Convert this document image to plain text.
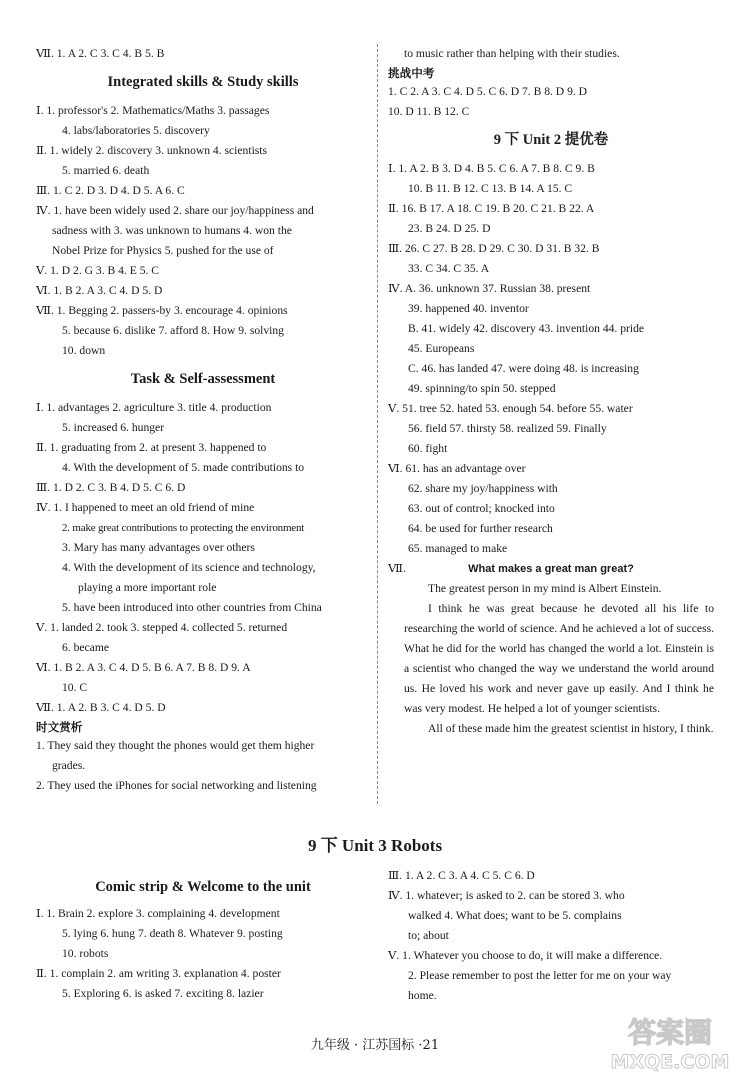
Ⅶ. 1. A 2. C 3. C 4. B 5. B
Integrated skills & Study skills
Ⅰ. 1. professor's 2. Mathematics/Maths 3. passages
4. labs/laboratories 5. discovery
Ⅱ. 1. widely 2. discovery 3. unknown 4. scientists
5. married 6. death
Ⅲ. 1. C 2. D 3. D 4. D 5. A 6. C
Ⅳ. 1. have been widely used 2. share our joy/happiness and
sadness with 3. was unknown to humans 4. won the
Nobel Prize for Physics 5. pushed for the use of
Ⅴ. 1. D 2. G 3. B 4. E 5. C
Ⅵ. 1. B 2. A 3. C 4. D 5. D
Ⅶ. 1. Begging 2. passers-by 3. encourage 4. opinions
5. because 6. dislike 7. afford 8. How 9. solving
10. down
Task & Self-assessment
Ⅰ. 1. advantages 2. agriculture 3. title 4. production
5. increased 6. hunger
Ⅱ. 1. graduating from 2. at present 3. happened to
4. With the development of 5. made contributions to
Ⅲ. 1. D 2. C 3. B 4. D 5. C 6. D
Ⅳ. 1. I happened to meet an old friend of mine
2. make great contributions to protecting the environment
3. Mary has many advantages over others
4. With the development of its science and technology,
playing a more important role
5. have been introduced into other countries from China
Ⅴ. 1. landed 2. took 3. stepped 4. collected 5. returned
6. became
Ⅵ. 1. B 2. A 3. C 4. D 5. B 6. A 7. B 8. D 9. A
10. C
Ⅶ. 1. A 2. B 3. C 4. D 5. D
时文赏析
1. They said they thought the phones would get them higher
grades.
2. They used the iPhones for social networking and listening
to music rather than helping with their studies.
挑战中考
1. C 2. A 3. C 4. D 5. C 6. D 7. B 8. D 9. D
10. D 11. B 12. C
9 下 Unit 2 提优卷
Ⅰ. 1. A 2. B 3. D 4. B 5. C 6. A 7. B 8. C 9. B
10. B 11. B 12. C 13. B 14. A 15. C
Ⅱ. 16. B 17. A 18. C 19. B 20. C 21. B 22. A
23. B 24. D 25. D
Ⅲ. 26. C 27. B 28. D 29. C 30. D 31. B 32. B
33. C 34. C 35. A
Ⅳ. A. 36. unknown 37. Russian 38. present
39. happened 40. inventor
B. 41. widely 42. discovery 43. invention 44. pride
45. Europeans
C. 46. has landed 47. were doing 48. is increasing
49. spinning/to spin 50. stepped
Ⅴ. 51. tree 52. hated 53. enough 54. before 55. water
56. field 57. thirsty 58. realized 59. Finally
60. fight
Ⅵ. 61. has an advantage over
62. share my joy/happiness with
63. out of control; knocked into
64. be used for further research
65. managed to make
Ⅶ.	What makes a great man great?
The greatest person in my mind is Albert Einstein.
I think he was great because he devoted all his life to researching the world of science. And he achieved a lot of success. What he did for the world has changed the world a lot. Einstein is a scientist who changed the way we understand the world around us. He loved his work and never gave up easily. And I think he was very modest. He helped a lot of younger scientists.
All of these made him the greatest scientist in history, I think.
9 下 Unit 3 Robots
Comic strip & Welcome to the unit
Ⅰ. 1. Brain 2. explore 3. complaining 4. development
5. lying 6. hung 7. death 8. Whatever 9. posting
10. robots
Ⅱ. 1. complain 2. am writing 3. explanation 4. poster
5. Exploring 6. is asked 7. exciting 8. lazier
Ⅲ. 1. A 2. C 3. A 4. C 5. C 6. D
Ⅳ. 1. whatever; is asked to 2. can be stored 3. who
walked 4. What does; want to be 5. complains
to; about
Ⅴ. 1. Whatever you choose to do, it will make a difference.
2. Please remember to post the letter for me on your way
home.
九年级 · 江苏国标 ·21	答案圈
MXQE.COM
